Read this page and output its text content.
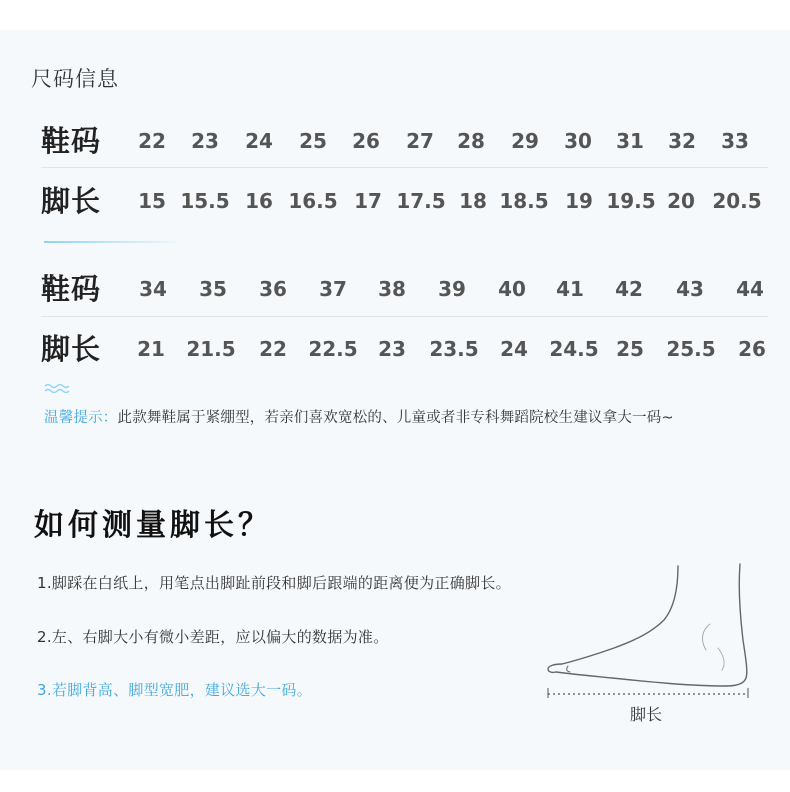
尺码信息
鞋码 22 23 24 25 26 27 28 29 30 31 32 33
脚长 15 15.5 16 16.5 17 17.5 18 18.5 19 19.5 20 20.5
鞋码 34 35 36 37 38 39 40 41 42 43 44
脚长 21 21.5 22 22.5 23 23.5 24 24.5 25 25.5 26
温馨提示：此款舞鞋属于紧绷型，若亲们喜欢宽松的、儿童或者非专科舞蹈院校生建议拿大一码~
如何测量脚长？
1.脚踩在白纸上，用笔点出脚趾前段和脚后跟端的距离便为正确脚长。
2.左、右脚大小有微小差距，应以偏大的数据为准。
3.若脚背高、脚型宽肥，建议选大一码。
脚长
